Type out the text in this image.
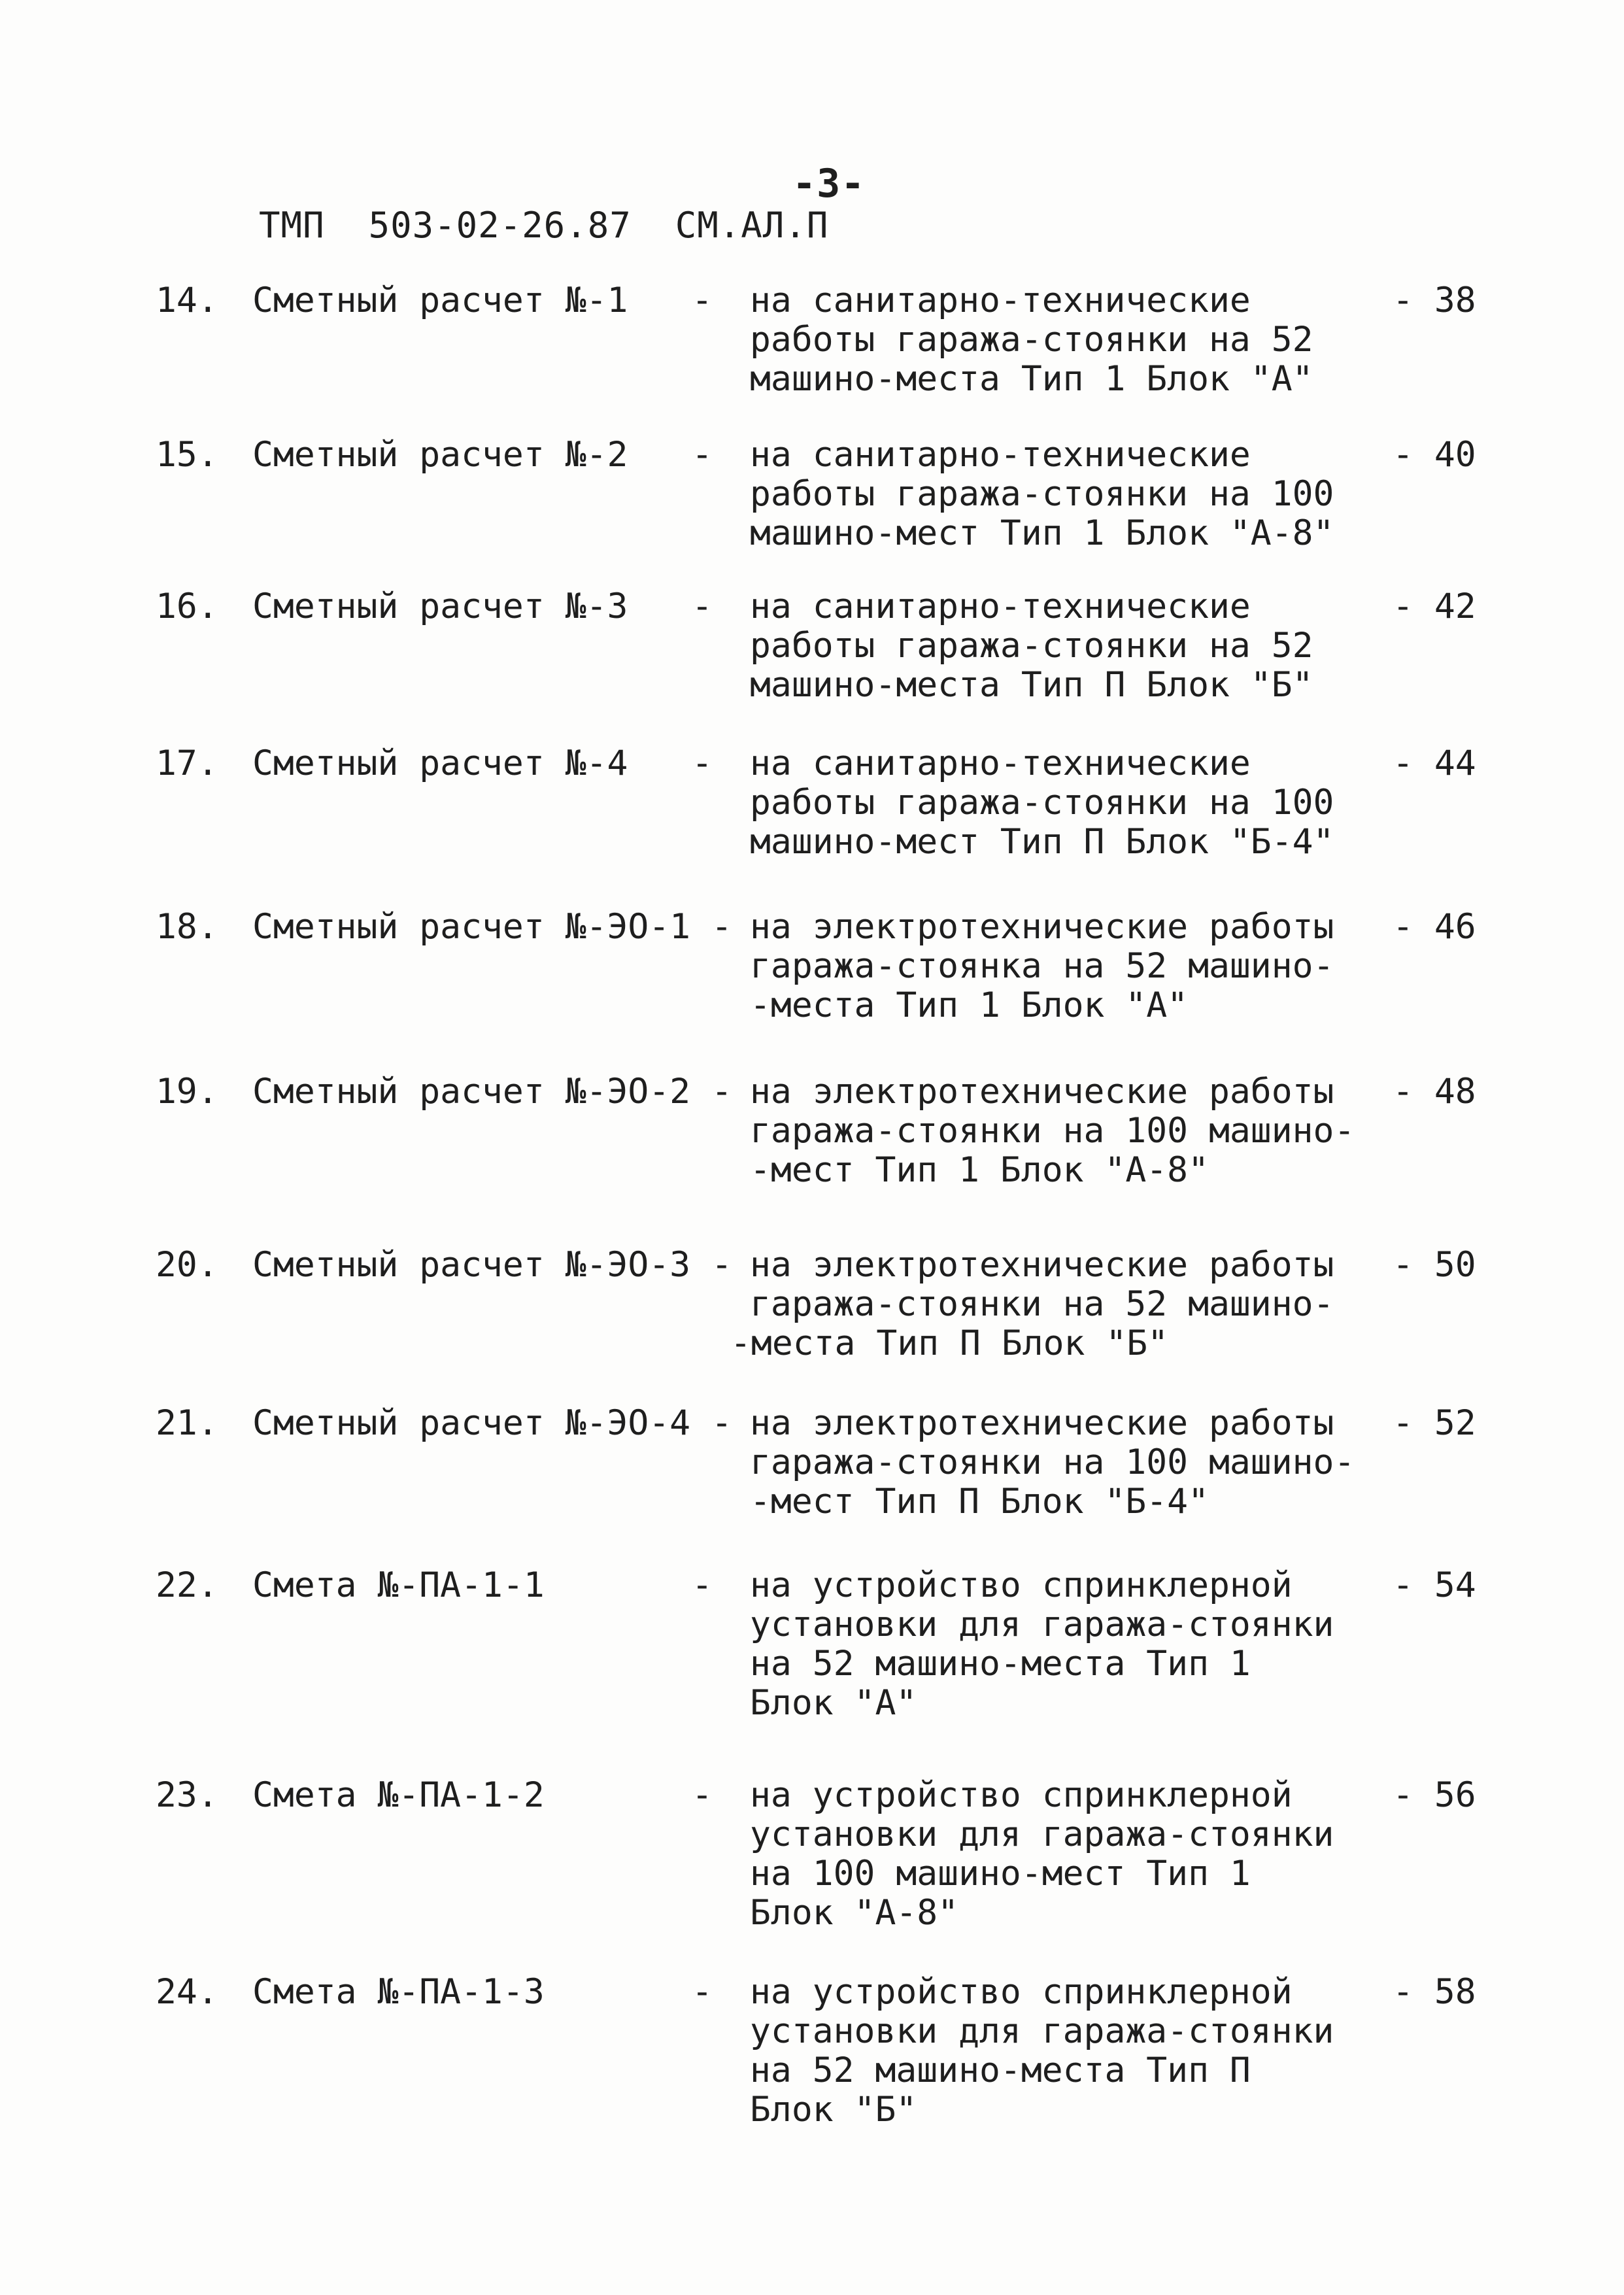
ТМП  503-02-26.87  СМ.АЛ.П

-3-

14. Сметный расчет №-1 - на санитарно-технические
работы гаража-стоянки на 52
машино-места Тип 1 Блок "А"
- 38
15. Сметный расчет №-2 - на санитарно-технические
работы гаража-стоянки на 100
машино-мест Тип 1 Блок "А-8"
- 40
16. Сметный расчет №-3 - на санитарно-технические
работы гаража-стоянки на 52
машино-места Тип П Блок "Б"
- 42
17. Сметный расчет №-4 - на санитарно-технические
работы гаража-стоянки на 100
машино-мест Тип П Блок "Б-4"
- 44
18. Сметный расчет №-ЭО-1 - на электротехнические работы
гаража-стоянка на 52 машино-
-места Тип 1 Блок "А"
- 46
19. Сметный расчет №-ЭО-2 - на электротехнические работы
гаража-стоянки на 100 машино-
-мест Тип 1 Блок "А-8"
- 48
20. Сметный расчет №-ЭО-3 - на электротехнические работы
гаража-стоянки на 52 машино-
-места Тип П Блок "Б"
- 50
21. Сметный расчет №-ЭО-4 - на электротехнические работы
гаража-стоянки на 100 машино-
-мест Тип П Блок "Б-4"
- 52
22. Смета №-ПА-1-1	- на устройство спринклерной
установки для гаража-стоянки
на 52 машино-места Тип 1
Блок "А"
- 54
23. Смета №-ПА-1-2	- на устройство спринклерной
установки для гаража-стоянки
на 100 машино-мест Тип 1
Блок "А-8"
- 56
24. Смета №-ПА-1-3	- на устройство спринклерной
установки для гаража-стоянки
на 52 машино-места Тип П
Блок "Б"
- 58
